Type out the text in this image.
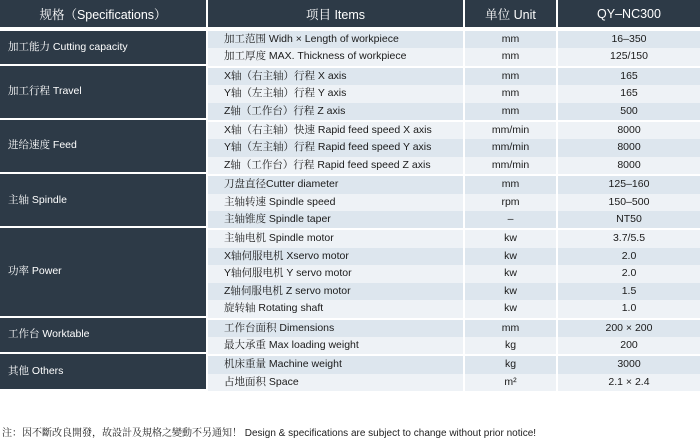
规格（Specifications）	项目 Items	单位 Unit	QY–NC300
加工能力 Cutting capacity	加工范围 Widh × Length of workpiece	mm	16–350
	加工厚度 MAX. Thickness of workpiece	mm	125/150
加工行程 Travel	X轴（右主轴）行程 X axis	mm	165
	Y轴（左主轴）行程 Y axis	mm	165
	Z轴（工作台）行程 Z axis	mm	500
进给速度 Feed	X轴（右主轴）快速 Rapid feed speed X axis	mm/min	8000
	Y轴（左主轴）行程 Rapid feed speed Y axis	mm/min	8000
	Z轴（工作台）行程 Rapid feed speed Z axis	mm/min	8000
主轴 Spindle	刀盘直径Cutter diameter	mm	125–160
	主轴转速 Spindle speed	rpm	150–500
	主轴锥度 Spindle taper	–	NT50
功率 Power	主轴电机 Spindle motor	kw	3.7/5.5
	X轴伺服电机 Xservo motor	kw	2.0
	Y轴伺服电机 Y servo motor	kw	2.0
	Z轴伺服电机 Z servo motor	kw	1.5
	旋转轴 Rotating shaft	kw	1.0
工作台 Worktable	工作台面积 Dimensions	mm	200 × 200
	最大承重 Max loading weight	kg	200
其他 Others	机床重量 Machine weight	kg	3000
	占地面积 Space	m²	2.1 × 2.4
注：因不斷改良開發，故設計及規格之變動不另通知！ Design & specifications are subject to change without prior notice!
